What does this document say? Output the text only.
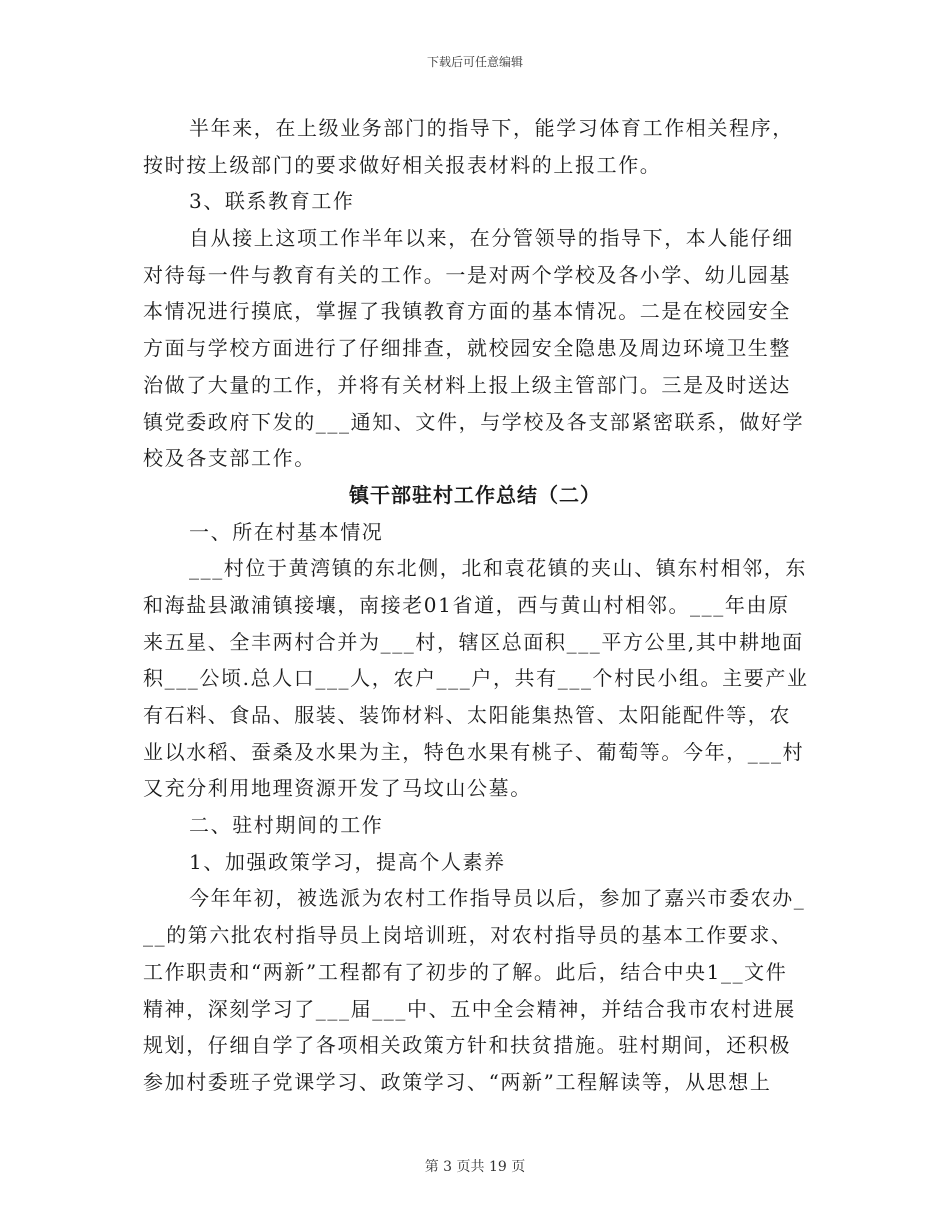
下载后可任意编辑
半年来，在上级业务部门的指导下，能学习体育工作相关程序，
按时按上级部门的要求做好相关报表材料的上报工作。
3、联系教育工作
自从接上这项工作半年以来，在分管领导的指导下，本人能仔细
对待每一件与教育有关的工作。一是对两个学校及各小学、幼儿园基
本情况进行摸底，掌握了我镇教育方面的基本情况。二是在校园安全
方面与学校方面进行了仔细排查，就校园安全隐患及周边环境卫生整
治做了大量的工作，并将有关材料上报上级主管部门。三是及时送达
镇党委政府下发的___通知、文件，与学校及各支部紧密联系，做好学
校及各支部工作。
镇干部驻村工作总结（二）
一、所在村基本情况
___村位于黄湾镇的东北侧，北和袁花镇的夹山、镇东村相邻，东
和海盐县澉浦镇接壤，南接老01省道，西与黄山村相邻。___年由原
来五星、全丰两村合并为___村，辖区总面积___平方公里,其中耕地面
积___公顷.总人口___人，农户___户，共有___个村民小组。主要产业
有石料、食品、服装、装饰材料、太阳能集热管、太阳能配件等，农
业以水稻、蚕桑及水果为主，特色水果有桃子、葡萄等。今年，___村
又充分利用地理资源开发了马坟山公墓。
二、驻村期间的工作
1、加强政策学习，提高个人素养
今年年初，被选派为农村工作指导员以后，参加了嘉兴市委农办_
__的第六批农村指导员上岗培训班，对农村指导员的基本工作要求、
工作职责和“两新”工程都有了初步的了解。此后，结合中央1__文件
精神，深刻学习了___届___中、五中全会精神，并结合我市农村进展
规划，仔细自学了各项相关政策方针和扶贫措施。驻村期间，还积极
参加村委班子党课学习、政策学习、“两新”工程解读等，从思想上
第 3 页共 19 页
